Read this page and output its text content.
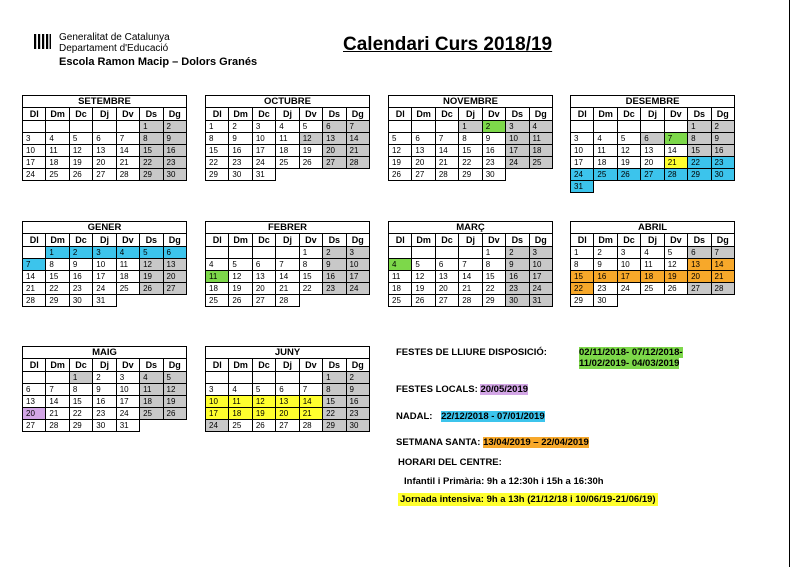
Generalitat de Catalunya
Departament d'Educació
Escola Ramon Macip – Dolors Granés
Calendari Curs 2018/19
SETEMBRE
Dl	Dm	Dc	Dj	Dv	Ds	Dg
					1	2
3	4	5	6	7	8	9
10	11	12	13	14	15	16
17	18	19	20	21	22	23
24	25	26	27	28	29	30
OCTUBRE
Dl	Dm	Dc	Dj	Dv	Ds	Dg
1	2	3	4	5	6	7
8	9	10	11	12	13	14
15	16	17	18	19	20	21
22	23	24	25	26	27	28
29	30	31				
NOVEMBRE
Dl	Dm	Dc	Dj	Dv	Ds	Dg
			1	2	3	4
5	6	7	8	9	10	11
12	13	14	15	16	17	18
19	20	21	22	23	24	25
26	27	28	29	30		
DESEMBRE
Dl	Dm	Dc	Dj	Dv	Ds	Dg
					1	2
3	4	5	6	7	8	9
10	11	12	13	14	15	16
17	18	19	20	21	22	23
24	25	26	27	28	29	30
31						
GENER
Dl	Dm	Dc	Dj	Dv	Ds	Dg
	1	2	3	4	5	6
7	8	9	10	11	12	13
14	15	16	17	18	19	20
21	22	23	24	25	26	27
28	29	30	31			
FEBRER
Dl	Dm	Dc	Dj	Dv	Ds	Dg
				1	2	3
4	5	6	7	8	9	10
11	12	13	14	15	16	17
18	19	20	21	22	23	24
25	26	27	28			
MARÇ
Dl	Dm	Dc	Dj	Dv	Ds	Dg
				1	2	3
4	5	6	7	8	9	10
11	12	13	14	15	16	17
18	19	20	21	22	23	24
25	26	27	28	29	30	31
ABRIL
Dl	Dm	Dc	Dj	Dv	Ds	Dg
1	2	3	4	5	6	7
8	9	10	11	12	13	14
15	16	17	18	19	20	21
22	23	24	25	26	27	28
29	30					
MAIG
Dl	Dm	Dc	Dj	Dv	Ds	Dg
		1	2	3	4	5
6	7	8	9	10	11	12
13	14	15	16	17	18	19
20	21	22	23	24	25	26
27	28	29	30	31		
JUNY
Dl	Dm	Dc	Dj	Dv	Ds	Dg
					1	2
3	4	5	6	7	8	9
10	11	12	13	14	15	16
17	18	19	20	21	22	23
24	25	26	27	28	29	30
FESTES DE LLIURE DISPOSICIÓ:	02/11/2018- 07/12/2018-
11/02/2019- 04/03/2019
FESTES LOCALS: 20/05/2019
NADAL: 22/12/2018 - 07/01/2019
SETMANA SANTA: 13/04/2019 – 22/04/2019
HORARI DEL CENTRE:
Infantil i Primària: 9h a 12:30h i 15h a 16:30h
Jornada intensiva: 9h a 13h (21/12/18 i 10/06/19-21/06/19)
